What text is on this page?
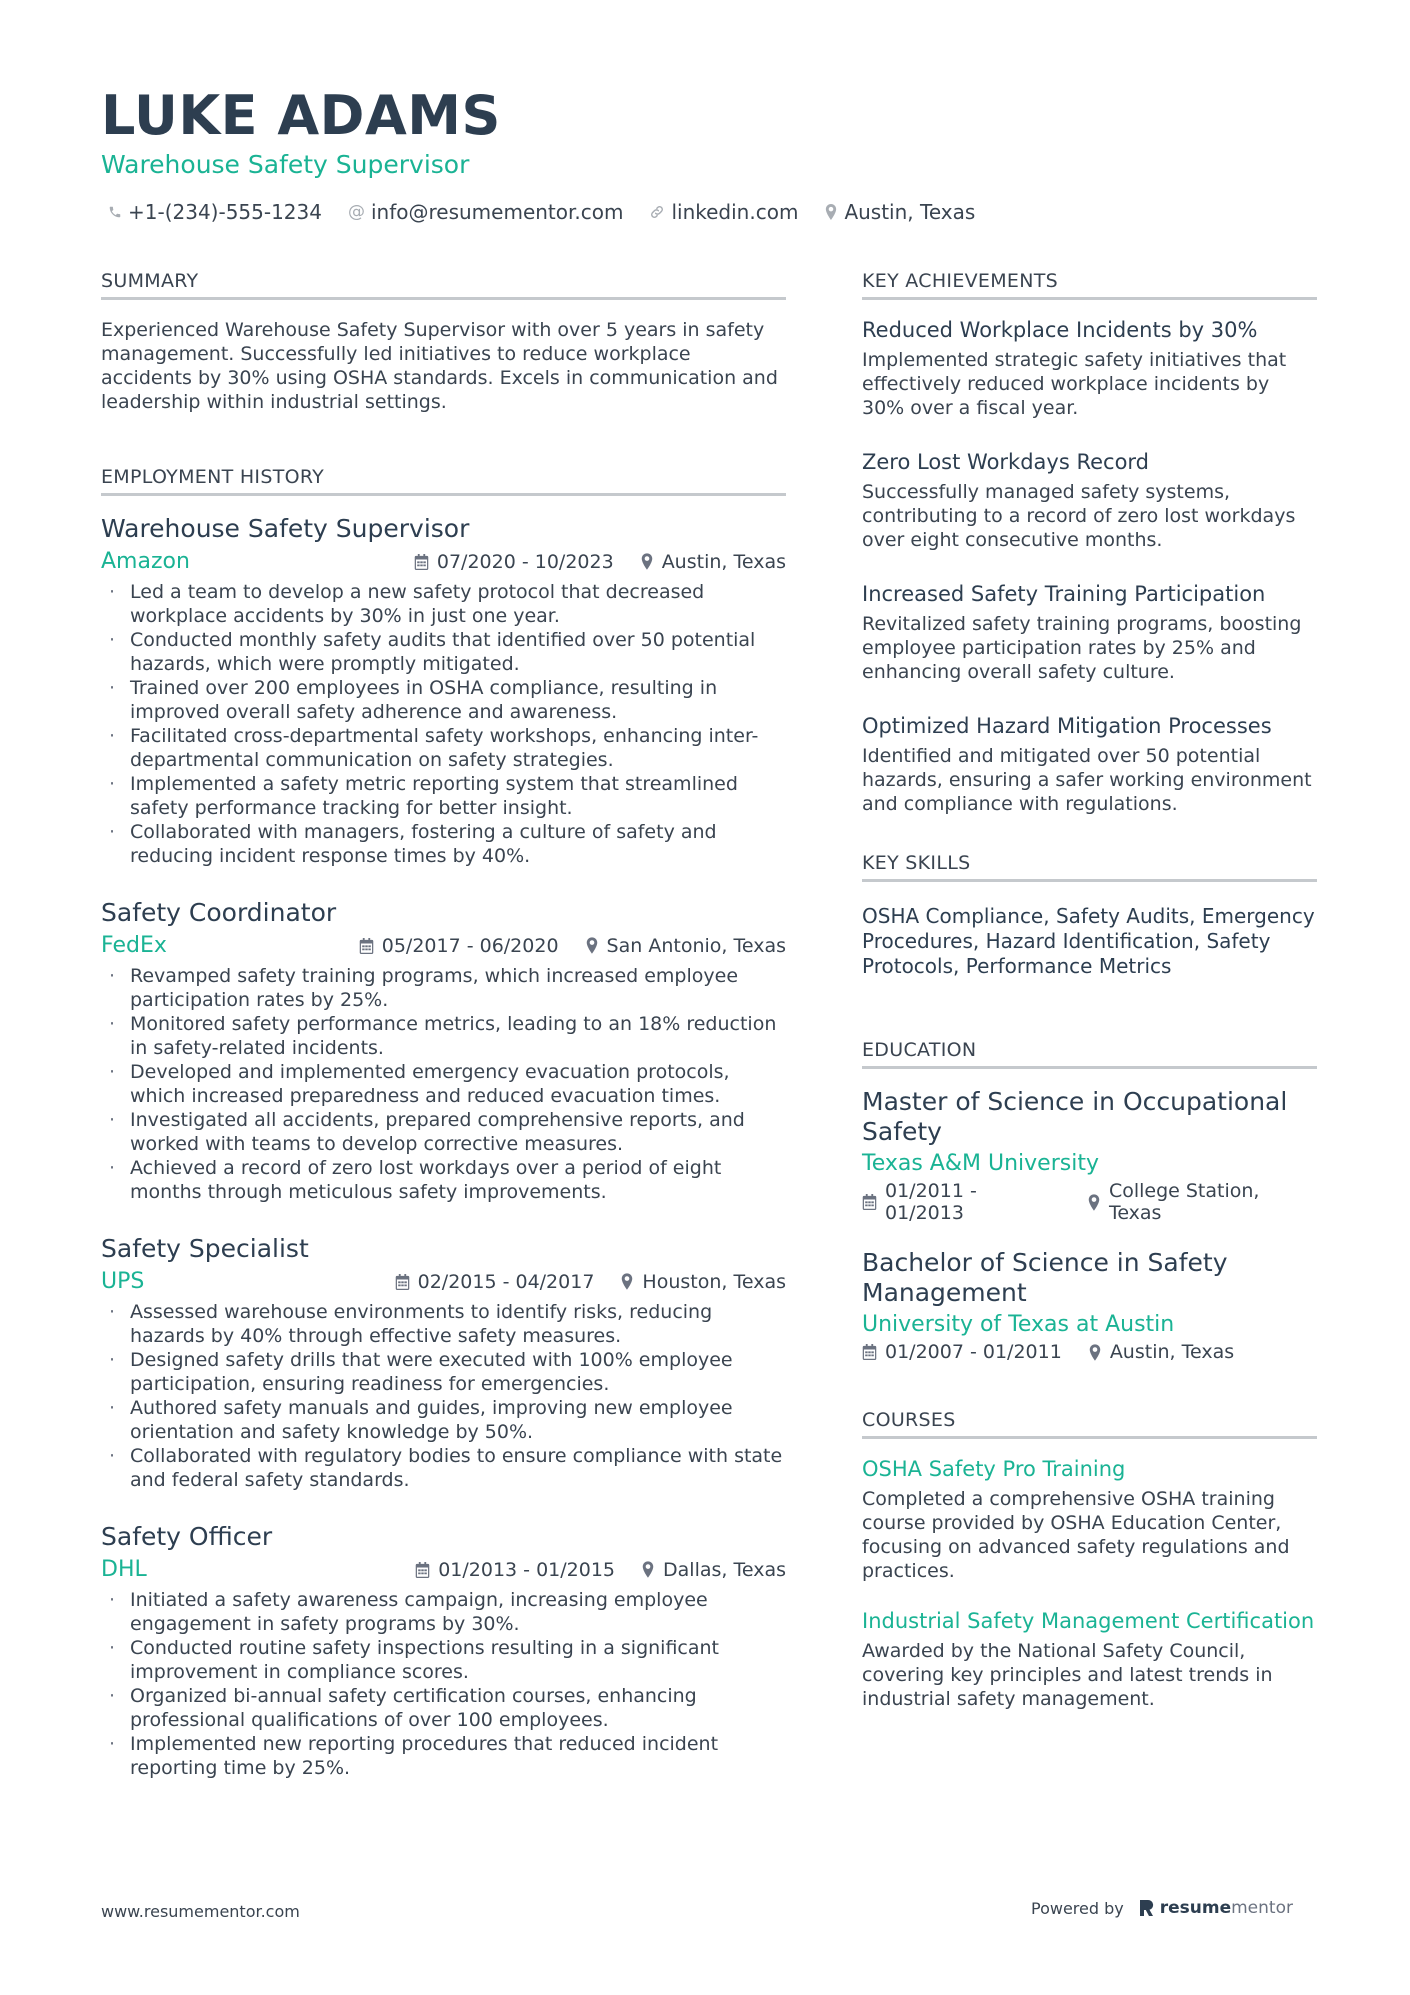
LUKE ADAMS
Warehouse Safety Supervisor
+1-(234)-555-1234 @ info@resumementor.com linkedin.com Austin, Texas
SUMMARY

Experienced Warehouse Safety Supervisor with over 5 years in safety management. Successfully led initiatives to reduce workplace accidents by 30% using OSHA standards. Excels in communication and leadership within industrial settings.

EMPLOYMENT HISTORY
Warehouse Safety Supervisor
Amazon	07/2020 - 10/2023	Austin, Texas
· Led a team to develop a new safety protocol that decreased workplace accidents by 30% in just one year.
· Conducted monthly safety audits that identified over 50 potential hazards, which were promptly mitigated.
· Trained over 200 employees in OSHA compliance, resulting in improved overall safety adherence and awareness.
· Facilitated cross-departmental safety workshops, enhancing inter-departmental communication on safety strategies.
· Implemented a safety metric reporting system that streamlined safety performance tracking for better insight.
· Collaborated with managers, fostering a culture of safety and reducing incident response times by 40%.
Safety Coordinator
FedEx	05/2017 - 06/2020	San Antonio, Texas
· Revamped safety training programs, which increased employee participation rates by 25%.
· Monitored safety performance metrics, leading to an 18% reduction in safety-related incidents.
· Developed and implemented emergency evacuation protocols, which increased preparedness and reduced evacuation times.
· Investigated all accidents, prepared comprehensive reports, and worked with teams to develop corrective measures.
· Achieved a record of zero lost workdays over a period of eight months through meticulous safety improvements.
Safety Specialist
UPS	02/2015 - 04/2017	Houston, Texas
· Assessed warehouse environments to identify risks, reducing hazards by 40% through effective safety measures.
· Designed safety drills that were executed with 100% employee participation, ensuring readiness for emergencies.
· Authored safety manuals and guides, improving new employee orientation and safety knowledge by 50%.
· Collaborated with regulatory bodies to ensure compliance with state and federal safety standards.
Safety Officer
DHL	01/2013 - 01/2015	Dallas, Texas
· Initiated a safety awareness campaign, increasing employee engagement in safety programs by 30%.
· Conducted routine safety inspections resulting in a significant improvement in compliance scores.
· Organized bi-annual safety certification courses, enhancing professional qualifications of over 100 employees.
· Implemented new reporting procedures that reduced incident reporting time by 25%.
KEY ACHIEVEMENTS
Reduced Workplace Incidents by 30%
Implemented strategic safety initiatives that effectively reduced workplace incidents by 30% over a fiscal year.
Zero Lost Workdays Record
Successfully managed safety systems, contributing to a record of zero lost workdays over eight consecutive months.
Increased Safety Training Participation
Revitalized safety training programs, boosting employee participation rates by 25% and enhancing overall safety culture.
Optimized Hazard Mitigation Processes
Identified and mitigated over 50 potential hazards, ensuring a safer working environment and compliance with regulations.
KEY SKILLS
OSHA Compliance, Safety Audits, Emergency Procedures, Hazard Identification, Safety Protocols, Performance Metrics
EDUCATION
Master of Science in Occupational Safety
Texas A&M University
01/2011 - 01/2013
College Station, Texas
Bachelor of Science in Safety Management
University of Texas at Austin
01/2007 - 01/2011	Austin, Texas
COURSES
OSHA Safety Pro Training
Completed a comprehensive OSHA training course provided by OSHA Education Center, focusing on advanced safety regulations and practices.
Industrial Safety Management Certification
Awarded by the National Safety Council, covering key principles and latest trends in industrial safety management.
www.resumementor.com	Powered by resumementor
